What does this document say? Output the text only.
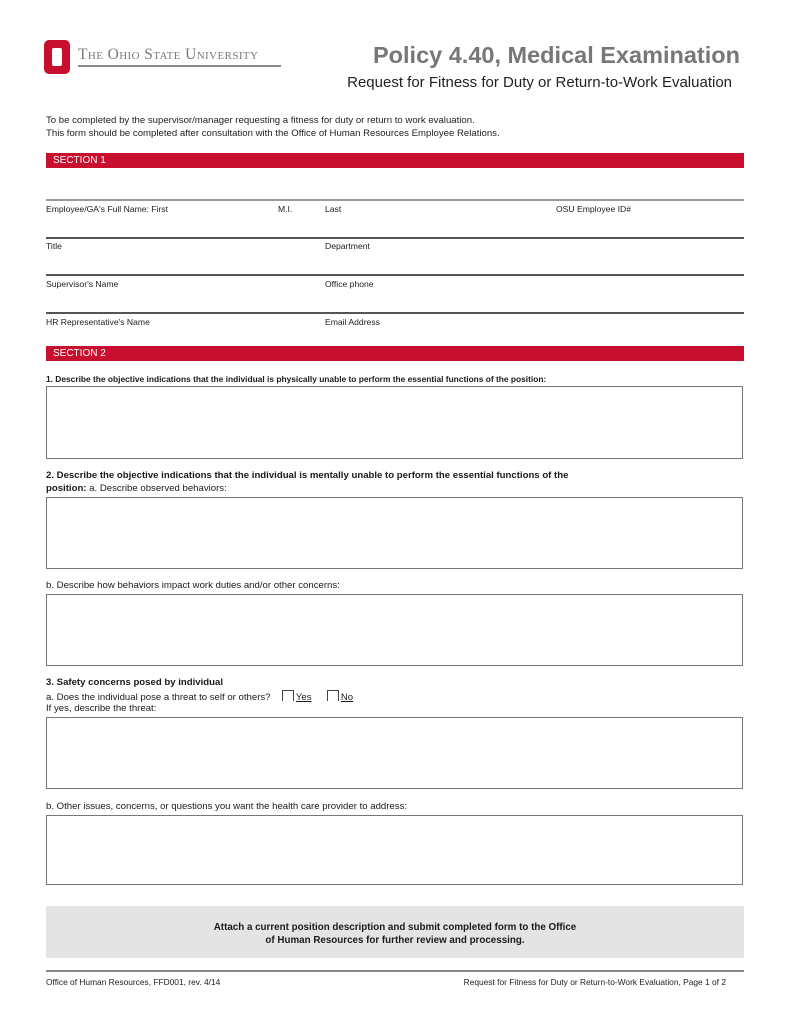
The Ohio State University	Policy 4.40, Medical Examination
Request for Fitness for Duty or Return-to-Work Evaluation
To be completed by the supervisor/manager requesting a fitness for duty or return to work evaluation.
This form should be completed after consultation with the Office of Human Resources Employee Relations.
SECTION 1
Employee/GA's Full Name: First	M.I.	Last	OSU Employee ID#
Title	Department
Supervisor's Name	Office phone
HR Representative's Name	Email Address
SECTION 2
1. Describe the objective indications that the individual is physically unable to perform the essential functions of the position:
2. Describe the objective indications that the individual is mentally unable to perform the essential functions of the
position: a. Describe observed behaviors:
b. Describe how behaviors impact work duties and/or other concerns:
3. Safety concerns posed by individual
a. Does the individual pose a threat to self or others?	Yes	No
If yes, describe the threat:
b. Other issues, concerns, or questions you want the health care provider to address:
Attach a current position description and submit completed form to the Office
of Human Resources for further review and processing.
Office of Human Resources, FFD001, rev. 4/14	Request for Fitness for Duty or Return-to-Work Evaluation, Page 1 of 2
